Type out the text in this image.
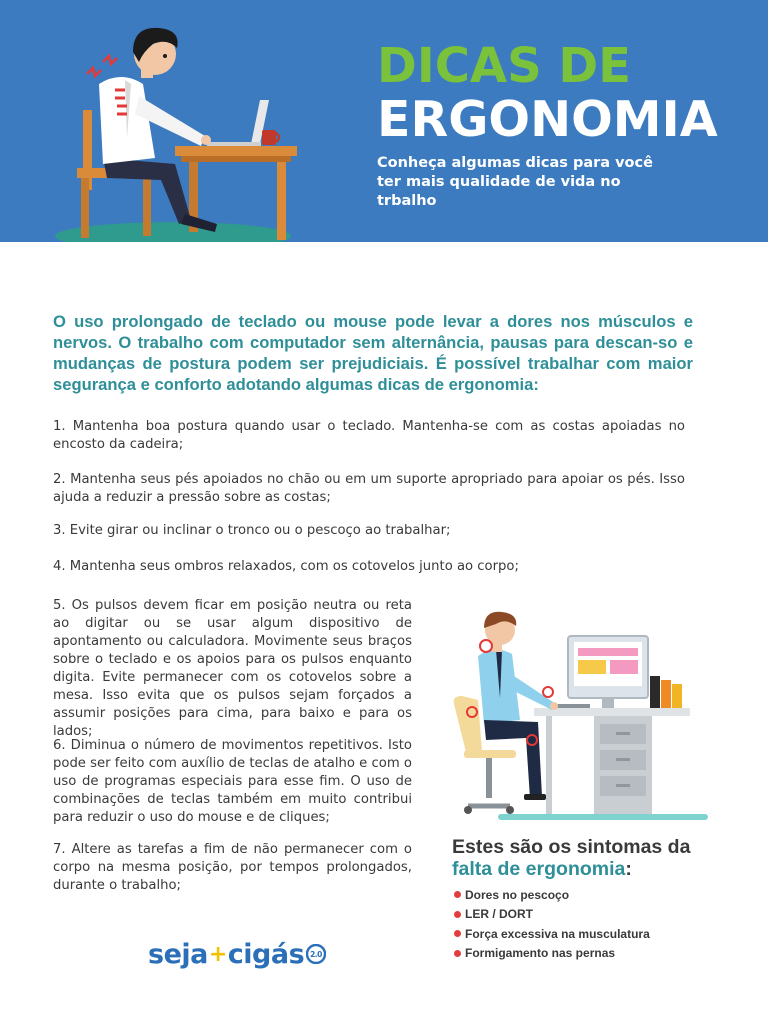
DICAS DE
ERGONOMIA
Conheça algumas dicas para você ter mais qualidade de vida no trbalho

O uso prolongado de teclado ou mouse pode levar a dores nos músculos e nervos. O trabalho com computador sem alternância, pausas para descan-so e mudanças de postura podem ser prejudiciais. É possível trabalhar com maior segurança e conforto adotando algumas dicas de ergonomia:

1. Mantenha boa postura quando usar o teclado. Mantenha-se com as costas apoiadas no encosto da cadeira;

2. Mantenha seus pés apoiados no chão ou em um suporte apropriado para apoiar os pés. Isso ajuda a reduzir a pressão sobre as costas;

3. Evite girar ou inclinar o tronco ou o pescoço ao trabalhar;

4. Mantenha seus ombros relaxados, com os cotovelos junto ao corpo;

5. Os pulsos devem ficar em posição neutra ou reta ao digitar ou se usar algum dispositivo de apontamento ou calculadora. Movimente seus braços sobre o teclado e os apoios para os pulsos enquanto digita. Evite permanecer com os cotovelos sobre a mesa. Isso evita que os pulsos sejam forçados a assumir posições para cima, para baixo e para os lados;

6. Diminua o número de movimentos repetitivos. Isto pode ser feito com auxílio de teclas de atalho e com o uso de programas especiais para esse fim. O uso de combinações de teclas também em muito contribui para reduzir o uso do mouse e de cliques;

7. Altere as tarefas a fim de não permanecer com o corpo na mesma posição, por tempos prolongados, durante o trabalho;

Estes são os sintomas da
falta de ergonomia:
Dores no pescoço
LER / DORT
Força excessiva na musculatura
Formigamento nas pernas
seja + cigás 2.0
